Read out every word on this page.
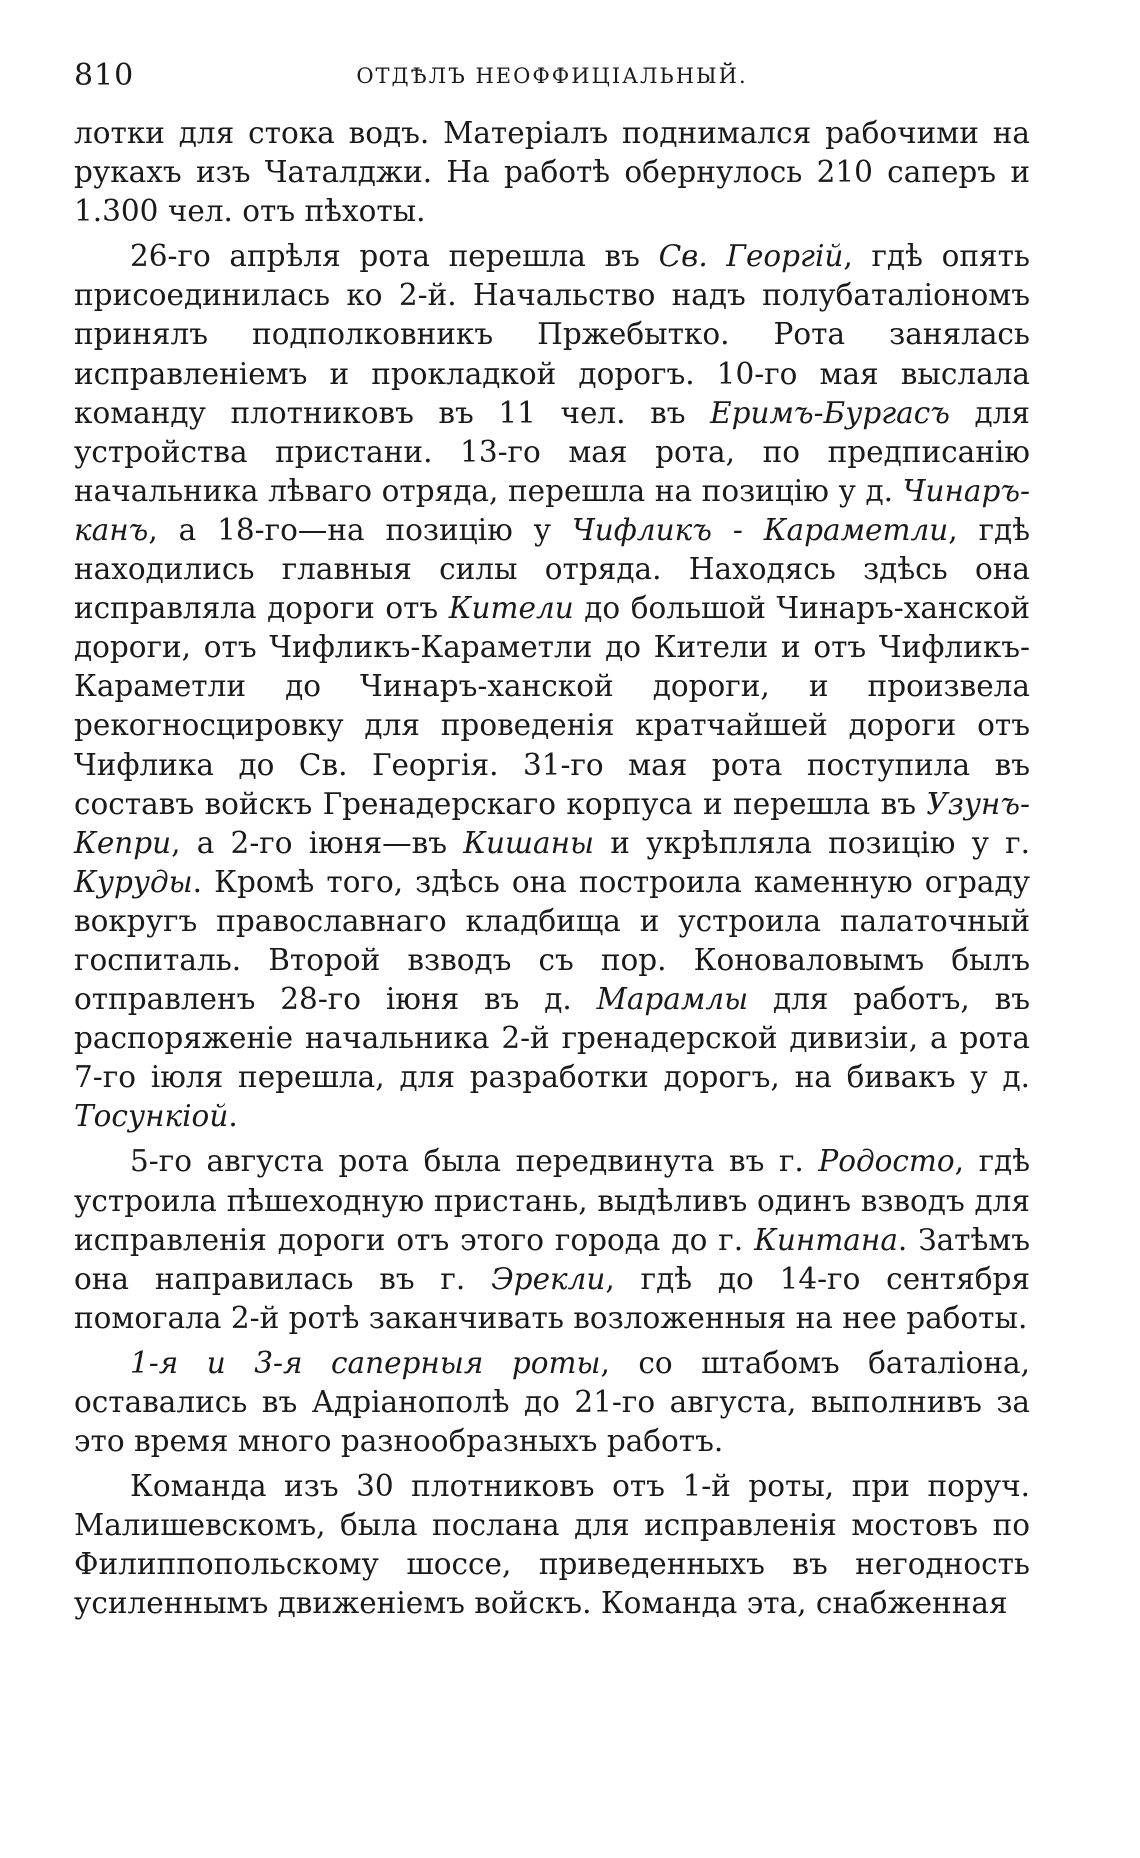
810	ОТДѢЛЪ НЕОФФИЦІАЛЬНЫЙ.

лотки для стока водъ. Матеріалъ поднимался рабочими на рукахъ изъ Чаталджи. На работѣ обернулось 210 саперъ и 1.300 чел. отъ пѣхоты.

26-го апрѣля рота перешла въ Св. Георгій, гдѣ опять присоединилась ко 2-й. Начальство надъ полубаталіономъ принялъ подполковникъ Пржебытко. Рота занялась исправленіемъ и прокладкой дорогъ. 10-го мая выслала команду плотниковъ въ 11 чел. въ Еримъ-Бургасъ для устройства пристани. 13-го мая рота, по предписанію начальника лѣваго отряда, перешла на позицію у д. Чинаръ-канъ, а 18-го—на позицію у Чифликъ - Караметли, гдѣ находились главныя силы отряда. Находясь здѣсь она исправляла дороги отъ Кители до большой Чинаръ-ханской дороги, отъ Чифликъ-Караметли до Кители и отъ Чифликъ-Караметли до Чинаръ-ханской дороги, и произвела рекогносцировку для проведенія кратчайшей дороги отъ Чифлика до Св. Георгія. 31-го мая рота поступила въ составъ войскъ Гренадерскаго корпуса и перешла въ Узунъ-Кепри, а 2-го іюня—въ Кишаны и укрѣпляла позицію у г. Куруды. Кромѣ того, здѣсь она построила каменную ограду вокругъ православнаго кладбища и устроила палаточный госпиталь. Второй взводъ съ пор. Коноваловымъ былъ отправленъ 28-го іюня въ д. Марамлы для работъ, въ распоряженіе начальника 2-й гренадерской дивизіи, а рота 7-го іюля перешла, для разработки дорогъ, на бивакъ у д. Тосункіой.

5-го августа рота была передвинута въ г. Родосто, гдѣ устроила пѣшеходную пристань, выдѣливъ одинъ взводъ для исправленія дороги отъ этого города до г. Кинтана. Затѣмъ она направилась въ г. Эрекли, гдѣ до 14-го сентября помогала 2-й ротѣ заканчивать возложенныя на нее работы.

1-я и 3-я саперныя роты, со штабомъ баталіона, оставались въ Адріанополѣ до 21-го августа, выполнивъ за это время много разнообразныхъ работъ.

Команда изъ 30 плотниковъ отъ 1-й роты, при поруч. Малишевскомъ, была послана для исправленія мостовъ по Филиппопольскому шоссе, приведенныхъ въ негодность усиленнымъ движеніемъ войскъ. Команда эта, снабженная
